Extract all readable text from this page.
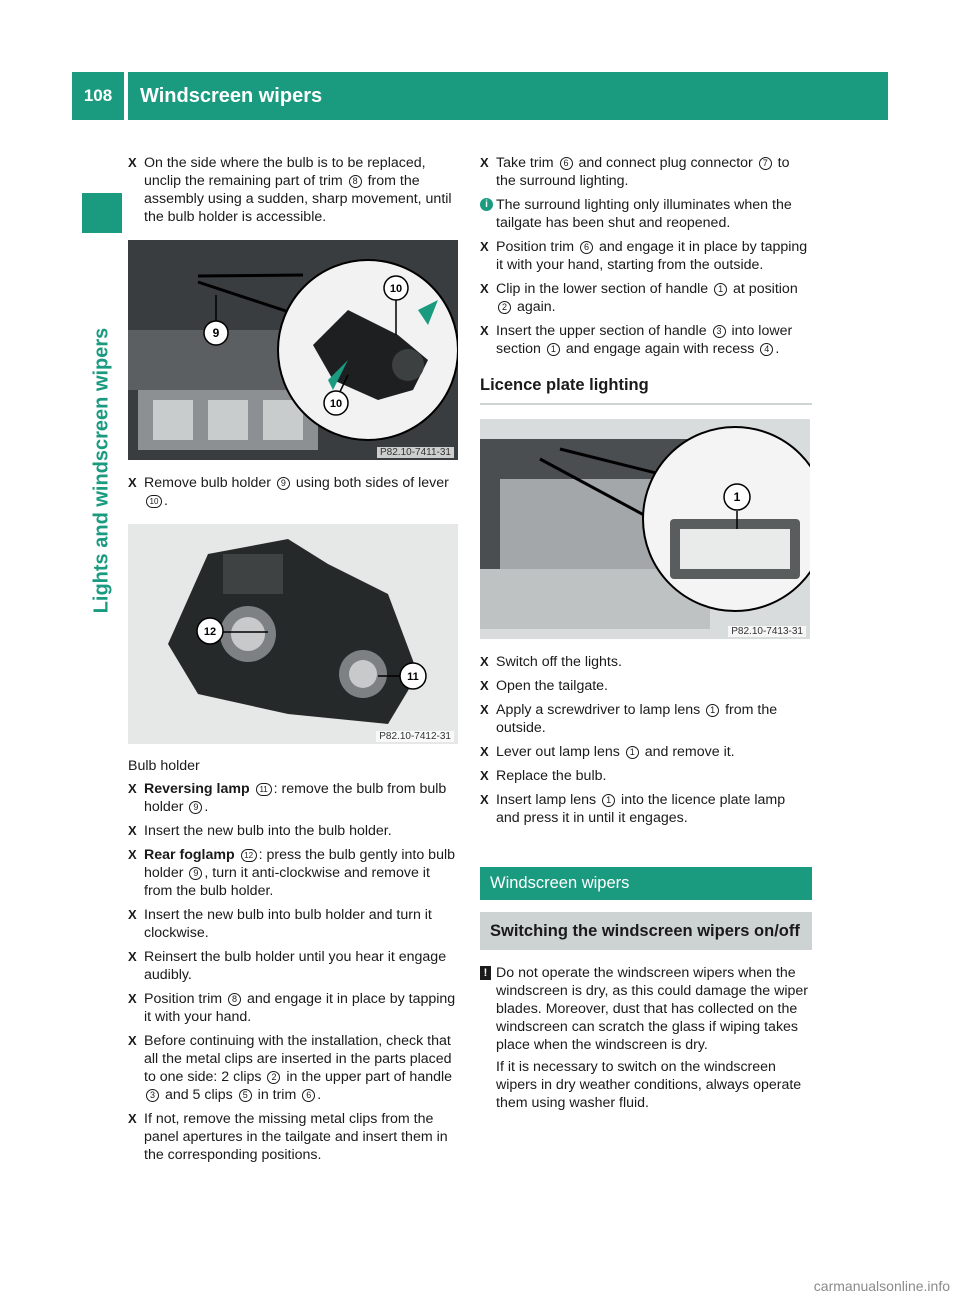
108	Windscreen wipers
Lights and windscreen wipers
X On the side where the bulb is to be replaced, unclip the remaining part of trim 8 from the assembly using a sudden, sharp movement, until the bulb holder is accessible.
9
10
10
P82.10-7411-31
X Remove bulb holder 9 using both sides of lever 10 .
12
11
P82.10-7412-31
Bulb holder
X Reversing lamp 11 : remove the bulb from bulb holder 9 .
X Insert the new bulb into the bulb holder.
X Rear foglamp 12 : press the bulb gently into bulb holder 9 , turn it anti-clockwise and remove it from the bulb holder.
X Insert the new bulb into bulb holder and turn it clockwise.
X Reinsert the bulb holder until you hear it engage audibly.
X Position trim 8 and engage it in place by tapping it with your hand.
X Before continuing with the installation, check that all the metal clips are inserted in the parts placed to one side: 2 clips 2 in the upper part of handle 3 and 5 clips 5 in trim 6 .
X If not, remove the missing metal clips from the panel apertures in the tailgate and insert them in the corresponding positions.
X Take trim 6 and connect plug connector 7 to the surround lighting.
i The surround lighting only illuminates when the tailgate has been shut and reopened.
X Position trim 6 and engage it in place by tapping it with your hand, starting from the outside.
X Clip in the lower section of handle 1 at position 2 again.
X Insert the upper section of handle 3 into lower section 1 and engage again with recess 4 .
Licence plate lighting
1
P82.10-7413-31
X Switch off the lights.
X Open the tailgate.
X Apply a screwdriver to lamp lens 1 from the outside.
X Lever out lamp lens 1 and remove it.
X Replace the bulb.
X Insert lamp lens 1 into the licence plate lamp and press it in until it engages.
Windscreen wipers
Switching the windscreen wipers on/off
! Do not operate the windscreen wipers when the windscreen is dry, as this could damage the wiper blades. Moreover, dust that has collected on the windscreen can scratch the glass if wiping takes place when the windscreen is dry.

If it is necessary to switch on the windscreen wipers in dry weather conditions, always operate them using washer fluid.

carmanualsonline.info
